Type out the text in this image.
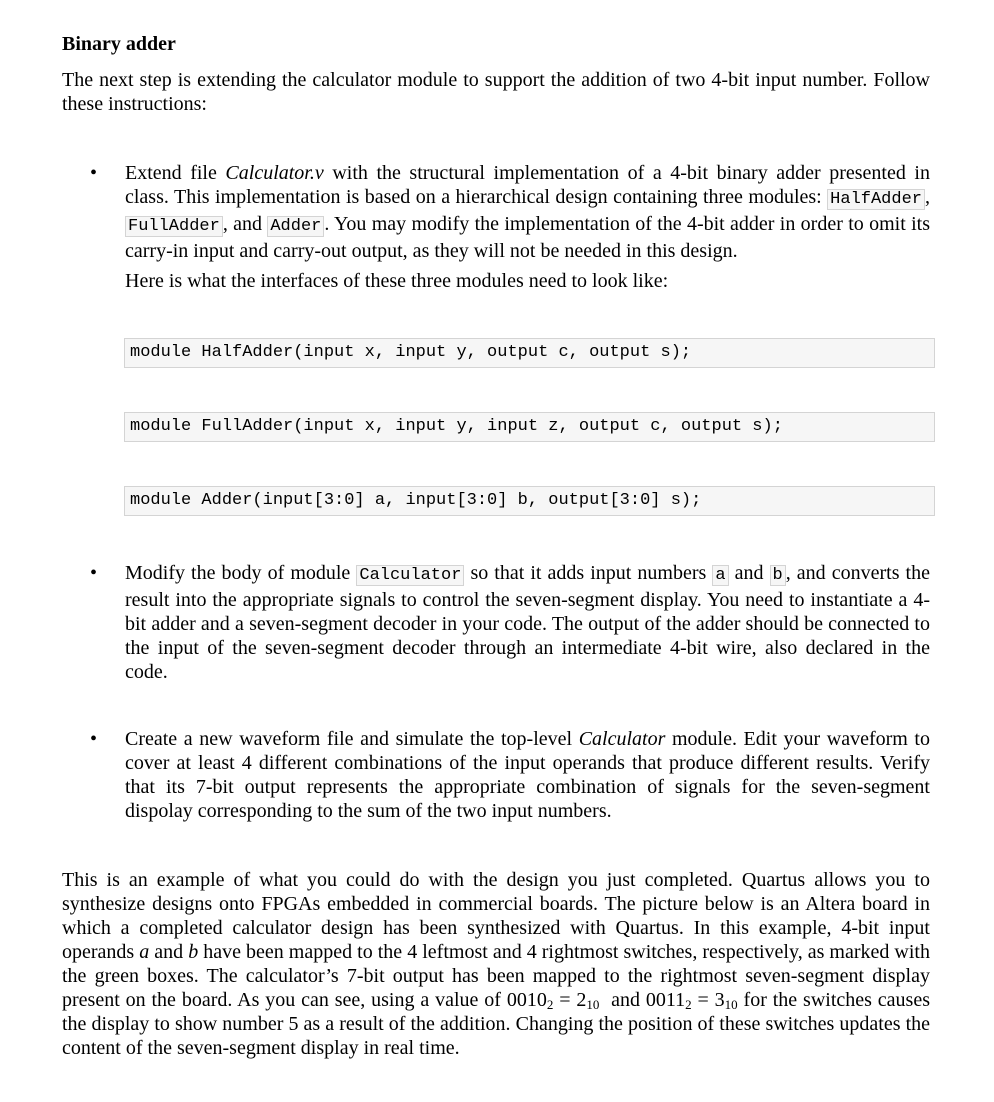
Binary adder

The next step is extending the calculator module to support the addition of two 4-bit input number. Follow these instructions:

• Extend file Calculator.v with the structural implementation of a 4-bit binary adder presented in class. This implementation is based on a hierarchical design containing three modules: HalfAdder , FullAdder , and Adder . You may modify the implementation of the 4-bit adder in order to omit its carry-in input and carry-out output, as they will not be needed in this design.

Here is what the interfaces of these three modules need to look like:

module HalfAdder(input x, input y, output c, output s);
module FullAdder(input x, input y, input z, output c, output s);
module Adder(input[3:0] a, input[3:0] b, output[3:0] s);
• Modify the body of module Calculator so that it adds input numbers a and b , and converts the result into the appropriate signals to control the seven-segment display. You need to instantiate a 4-bit adder and a seven-segment decoder in your code. The output of the adder should be connected to the input of the seven-segment decoder through an intermediate 4-bit wire, also declared in the code.

• Create a new waveform file and simulate the top-level Calculator module. Edit your waveform to cover at least 4 different combinations of the input operands that produce different results. Verify that its 7-bit output represents the appropriate combination of signals for the seven-segment dispolay corresponding to the sum of the two input numbers.

This is an example of what you could do with the design you just completed. Quartus allows you to synthesize designs onto FPGAs embedded in commercial boards. The picture below is an Altera board in which a completed calculator design has been synthesized with Quartus. In this example, 4-bit input operands a and b have been mapped to the 4 leftmost and 4 rightmost switches, respectively, as marked with the green boxes. The calculator’s 7-bit output has been mapped to the rightmost seven-segment display present on the board. As you can see, using a value of $0010_2 = 2_{10}$  and $0011_2 = 3_{10}$ for the switches causes the display to show number 5 as a result of the addition. Changing the position of these switches updates the content of the seven-segment display in real time.
